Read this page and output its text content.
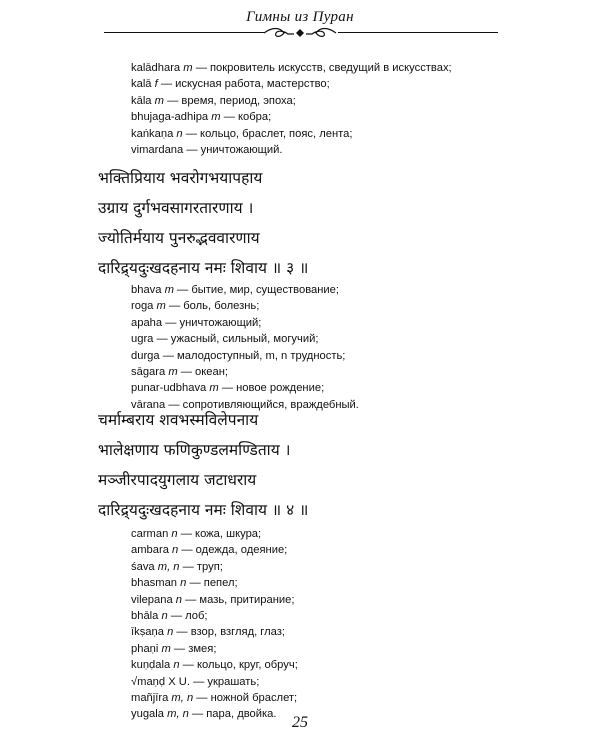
Гимны из Пуран
kalādhara m — покровитель искусств, сведущий в искусствах;
kalā f — искусная работа, мастерство;
kāla m — время, период, эпоха;
bhujaga-adhipa m — кобра;
kaṅkaṇa n — кольцо, браслет, пояс, лента;
vimardana — уничтожающий.
भक्तिप्रियाय भवरोगभयापहाय
उग्राय दुर्गभवसागरतारणाय ।
ज्योतिर्मयाय पुनरुद्भववारणाय
दारिद्र्यदुःखदहनाय नमः शिवाय ॥ ३ ॥
bhava m — бытие, мир, существование;
roga m — боль, болезнь;
apaha — уничтожающий;
ugra — ужасный, сильный, могучий;
durga — малодоступный, m, n трудность;
sāgara m — океан;
punar-udbhava m — новое рождение;
vārana — сопротивляющийся, враждебный.
चर्माम्बराय शवभस्मविलेपनाय
भालेक्षणाय फणिकुण्डलमण्डिताय ।
मञ्जीरपादयुगलाय जटाधराय
दारिद्र्यदुःखदहनाय नमः शिवाय ॥ ४ ॥
carman n — кожа, шкура;
ambara n — одежда, одеяние;
śava m, n — труп;
bhasman n — пепел;
vilepana n — мазь, притирание;
bhāla n — лоб;
īkṣaṇa n — взор, взгляд, глаз;
phaṇi m — змея;
kuṇḍala n — кольцо, круг, обруч;
√maṇḍ X U. — украшать;
mañjīra m, n — ножной браслет;
yugala m, n — пара, двойка. 25
